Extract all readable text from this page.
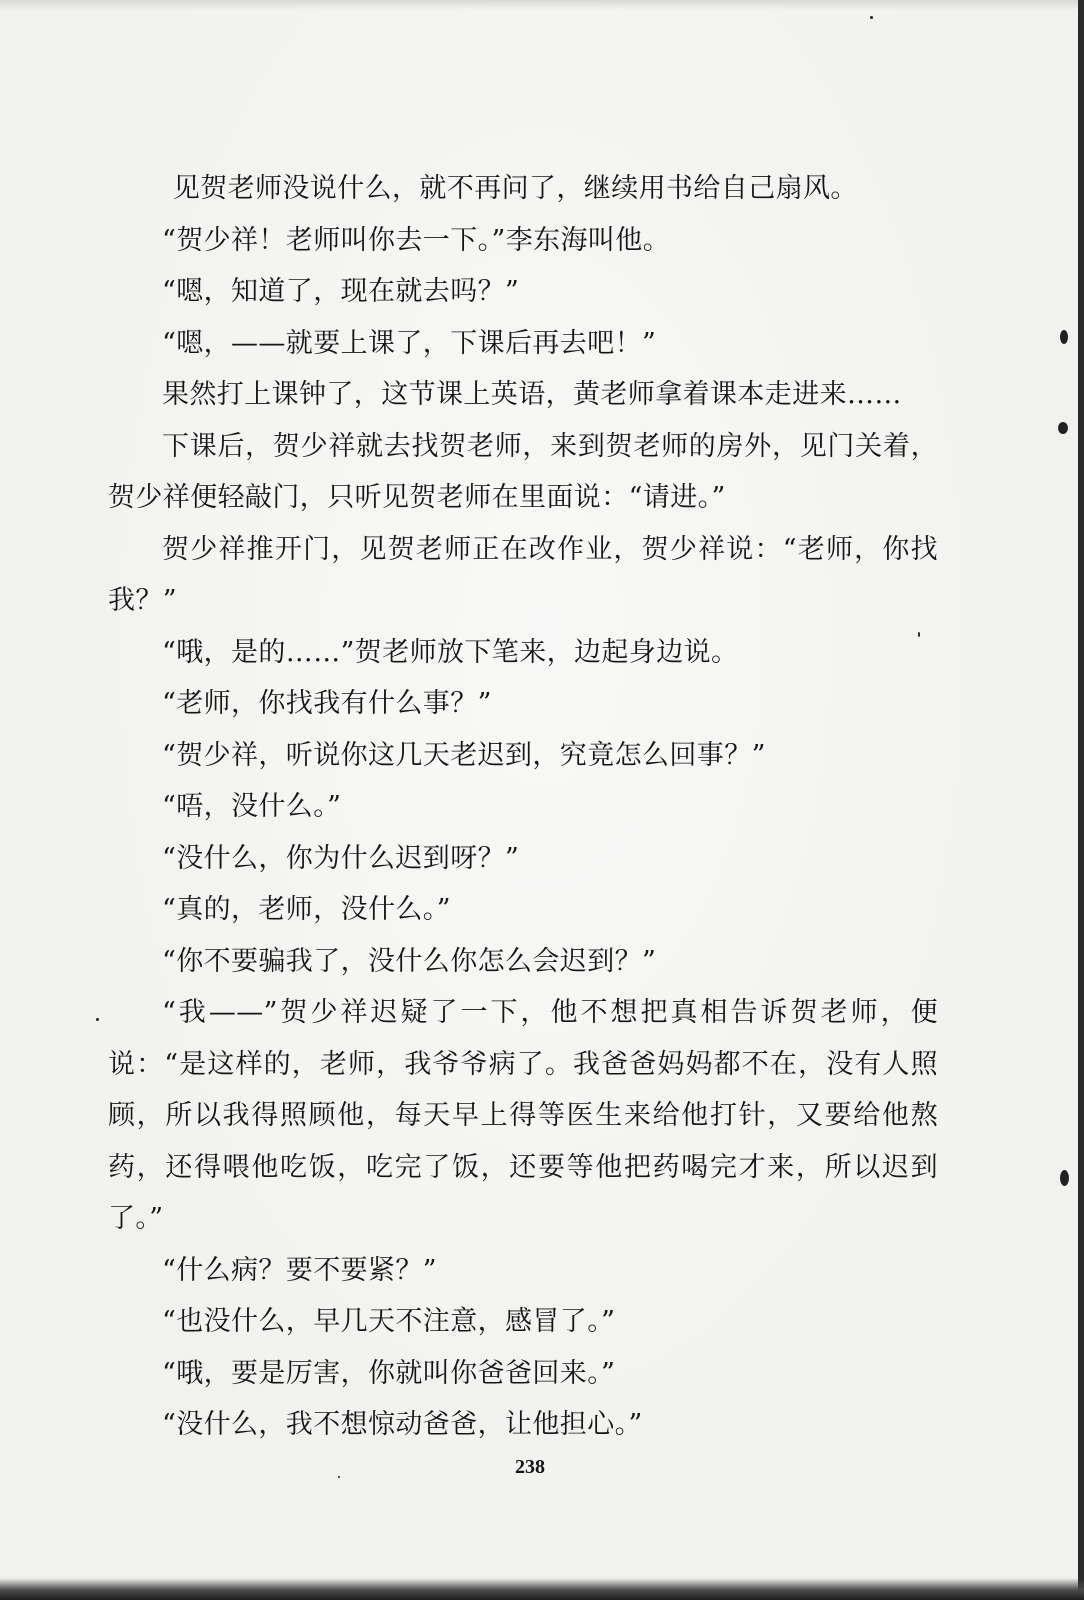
见贺老师没说什么，就不再问了，继续用书给自己扇风。

“贺少祥！老师叫你去一下。”李东海叫他。

“嗯，知道了，现在就去吗？”

“嗯，——就要上课了，下课后再去吧！”

果然打上课钟了，这节课上英语，黄老师拿着课本走进来……

下课后，贺少祥就去找贺老师，来到贺老师的房外，见门关着，贺少祥便轻敲门，只听见贺老师在里面说：“请进。”

贺少祥推开门，见贺老师正在改作业，贺少祥说：“老师，你找我？”

“哦，是的……”贺老师放下笔来，边起身边说。

“老师，你找我有什么事？”

“贺少祥，听说你这几天老迟到，究竟怎么回事？”

“唔，没什么。”

“没什么，你为什么迟到呀？”

“真的，老师，没什么。”

“你不要骗我了，没什么你怎么会迟到？”

“我——”贺少祥迟疑了一下，他不想把真相告诉贺老师，便说：“是这样的，老师，我爷爷病了。我爸爸妈妈都不在，没有人照顾，所以我得照顾他，每天早上得等医生来给他打针，又要给他熬药，还得喂他吃饭，吃完了饭，还要等他把药喝完才来，所以迟到了。”

“什么病？要不要紧？”

“也没什么，早几天不注意，感冒了。”

“哦，要是厉害，你就叫你爸爸回来。”

“没什么，我不想惊动爸爸，让他担心。”

238
